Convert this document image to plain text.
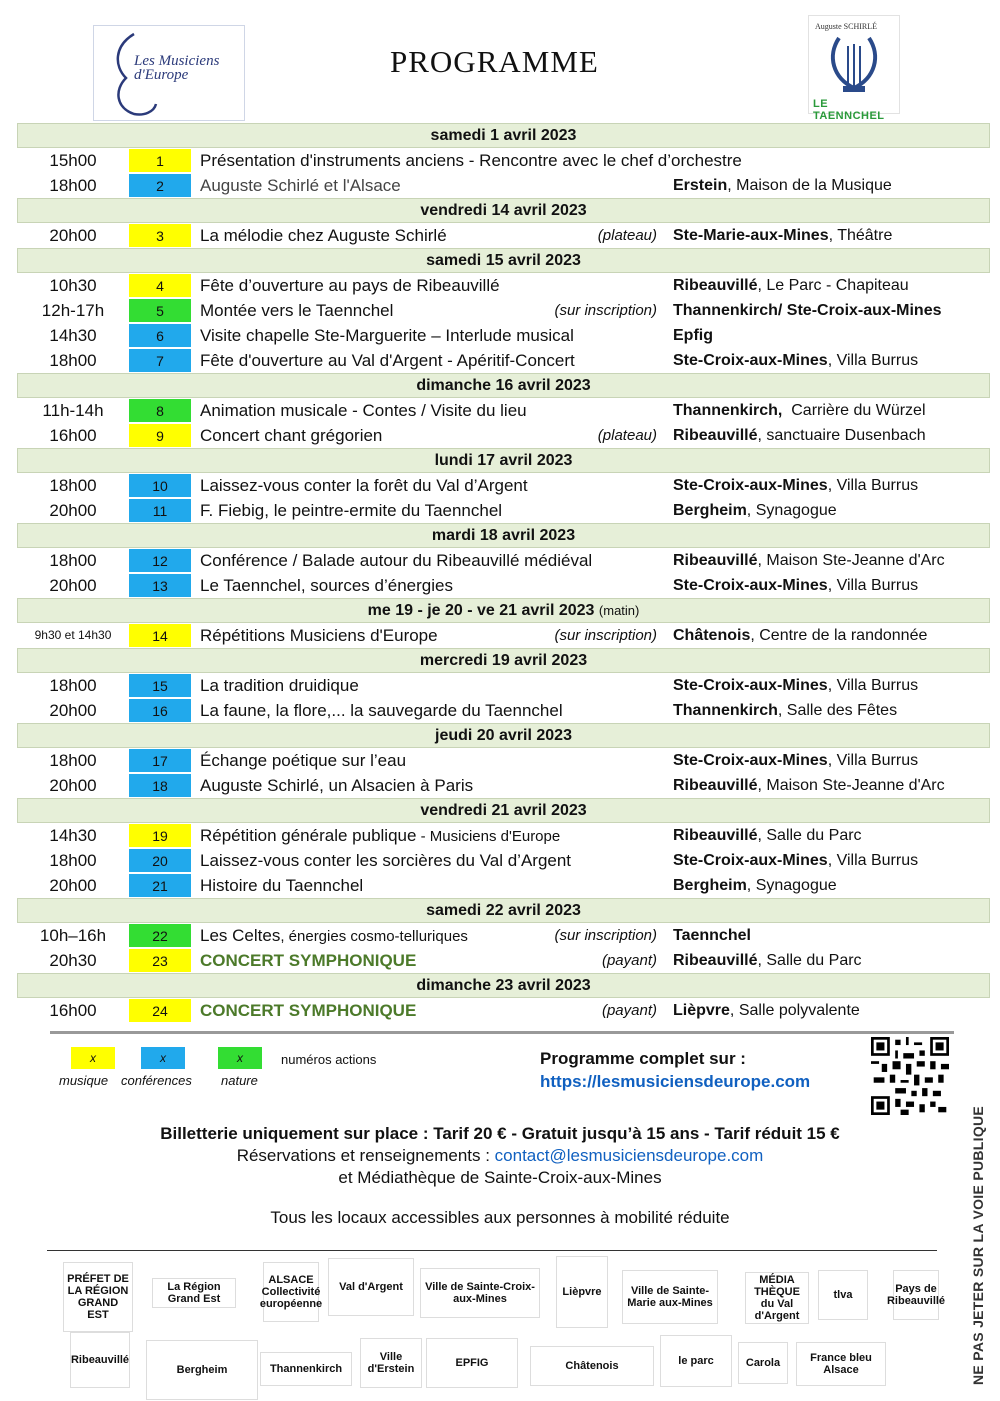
Les Musiciens d'Europe	PROGRAMME
Auguste SCHIRLÉ
LE TAENNCHEL
samedi 1 avril 2023
15h00	1	Présentation d'instruments anciens - Rencontre avec le chef d’orchestre
18h00	2	Auguste Schirlé et l'Alsace	Erstein, Maison de la Musique
vendredi 14 avril 2023
20h00	3	La mélodie chez Auguste Schirlé	(plateau) Ste-Marie-aux-Mines, Théâtre
samedi 15 avril 2023
10h30	4	Fête d’ouverture au pays de Ribeauvillé	Ribeauvillé, Le Parc - Chapiteau
12h-17h	5	Montée vers le Taennchel	(sur inscription) Thannenkirch/ Ste-Croix-aux-Mines
14h30	6	Visite chapelle Ste-Marguerite – Interlude musical	Epfig
18h00	7	Fête d'ouverture au Val d'Argent - Apéritif-Concert	Ste-Croix-aux-Mines, Villa Burrus
dimanche 16 avril 2023
11h-14h	8	Animation musicale - Contes / Visite du lieu	Thannenkirch,  Carrière du Würzel
16h00	9	Concert chant grégorien	(plateau) Ribeauvillé, sanctuaire Dusenbach
lundi 17 avril 2023
18h00	10	Laissez-vous conter la forêt du Val d’Argent	Ste-Croix-aux-Mines, Villa Burrus
20h00	11	F. Fiebig, le peintre-ermite du Taennchel	Bergheim, Synagogue
mardi 18 avril 2023
18h00	12	Conférence / Balade autour du Ribeauvillé médiéval	Ribeauvillé, Maison Ste-Jeanne d'Arc
20h00	13	Le Taennchel, sources d’énergies	Ste-Croix-aux-Mines, Villa Burrus
me 19 - je 20 - ve 21 avril 2023 (matin)
9h30 et 14h30	14	Répétitions Musiciens d'Europe	(sur inscription) Châtenois, Centre de la randonnée
mercredi 19 avril 2023
18h00	15	La tradition druidique	Ste-Croix-aux-Mines, Villa Burrus
20h00	16	La faune, la flore,... la sauvegarde du Taennchel	Thannenkirch, Salle des Fêtes
jeudi 20 avril 2023
18h00	17	Échange poétique sur l’eau	Ste-Croix-aux-Mines, Villa Burrus
20h00	18	Auguste Schirlé, un Alsacien à Paris	Ribeauvillé, Maison Ste-Jeanne d'Arc
vendredi 21 avril 2023
14h30	19	Répétition générale publique - Musiciens d'Europe	Ribeauvillé, Salle du Parc
18h00	20	Laissez-vous conter les sorcières du Val d’Argent	Ste-Croix-aux-Mines, Villa Burrus
20h00	21	Histoire du Taennchel	Bergheim, Synagogue
samedi 22 avril 2023
10h–16h	22	Les Celtes, énergies cosmo-telluriques	(sur inscription) Taennchel
20h30	23	CONCERT SYMPHONIQUE	(payant) Ribeauvillé, Salle du Parc
dimanche 23 avril 2023
16h00	24	CONCERT SYMPHONIQUE	(payant) Lièpvre, Salle polyvalente
x	x	x
musique conférences nature
numéros actions	Programme complet sur :
https://lesmusiciensdeurope.com
Billetterie uniquement sur place : Tarif 20 € - Gratuit jusqu’à 15 ans - Tarif réduit 15 €
Réservations et renseignements : contact@lesmusiciensdeurope.com
et Médiathèque de Sainte-Croix-aux-Mines
Tous les locaux accessibles aux personnes à mobilité réduite	NE PAS JETER SUR LA VOIE PUBLIQUE
PRÉFET DE LA RÉGION GRAND EST
La Région Grand Est
ALSACE Collectivité européenne
Val d'Argent	Ville de Sainte-Croix-aux-Mines
Lièpvre	Ville de Sainte-Marie aux-Mines
MÉDIA THÈQUE du Val d'Argent
tlva	Pays de Ribeauvillé
Ribeauvillé
Bergheim	Thannenkirch
Ville d'Erstein	EPFIG	Châtenois	le parc	Carola	France bleu Alsace
